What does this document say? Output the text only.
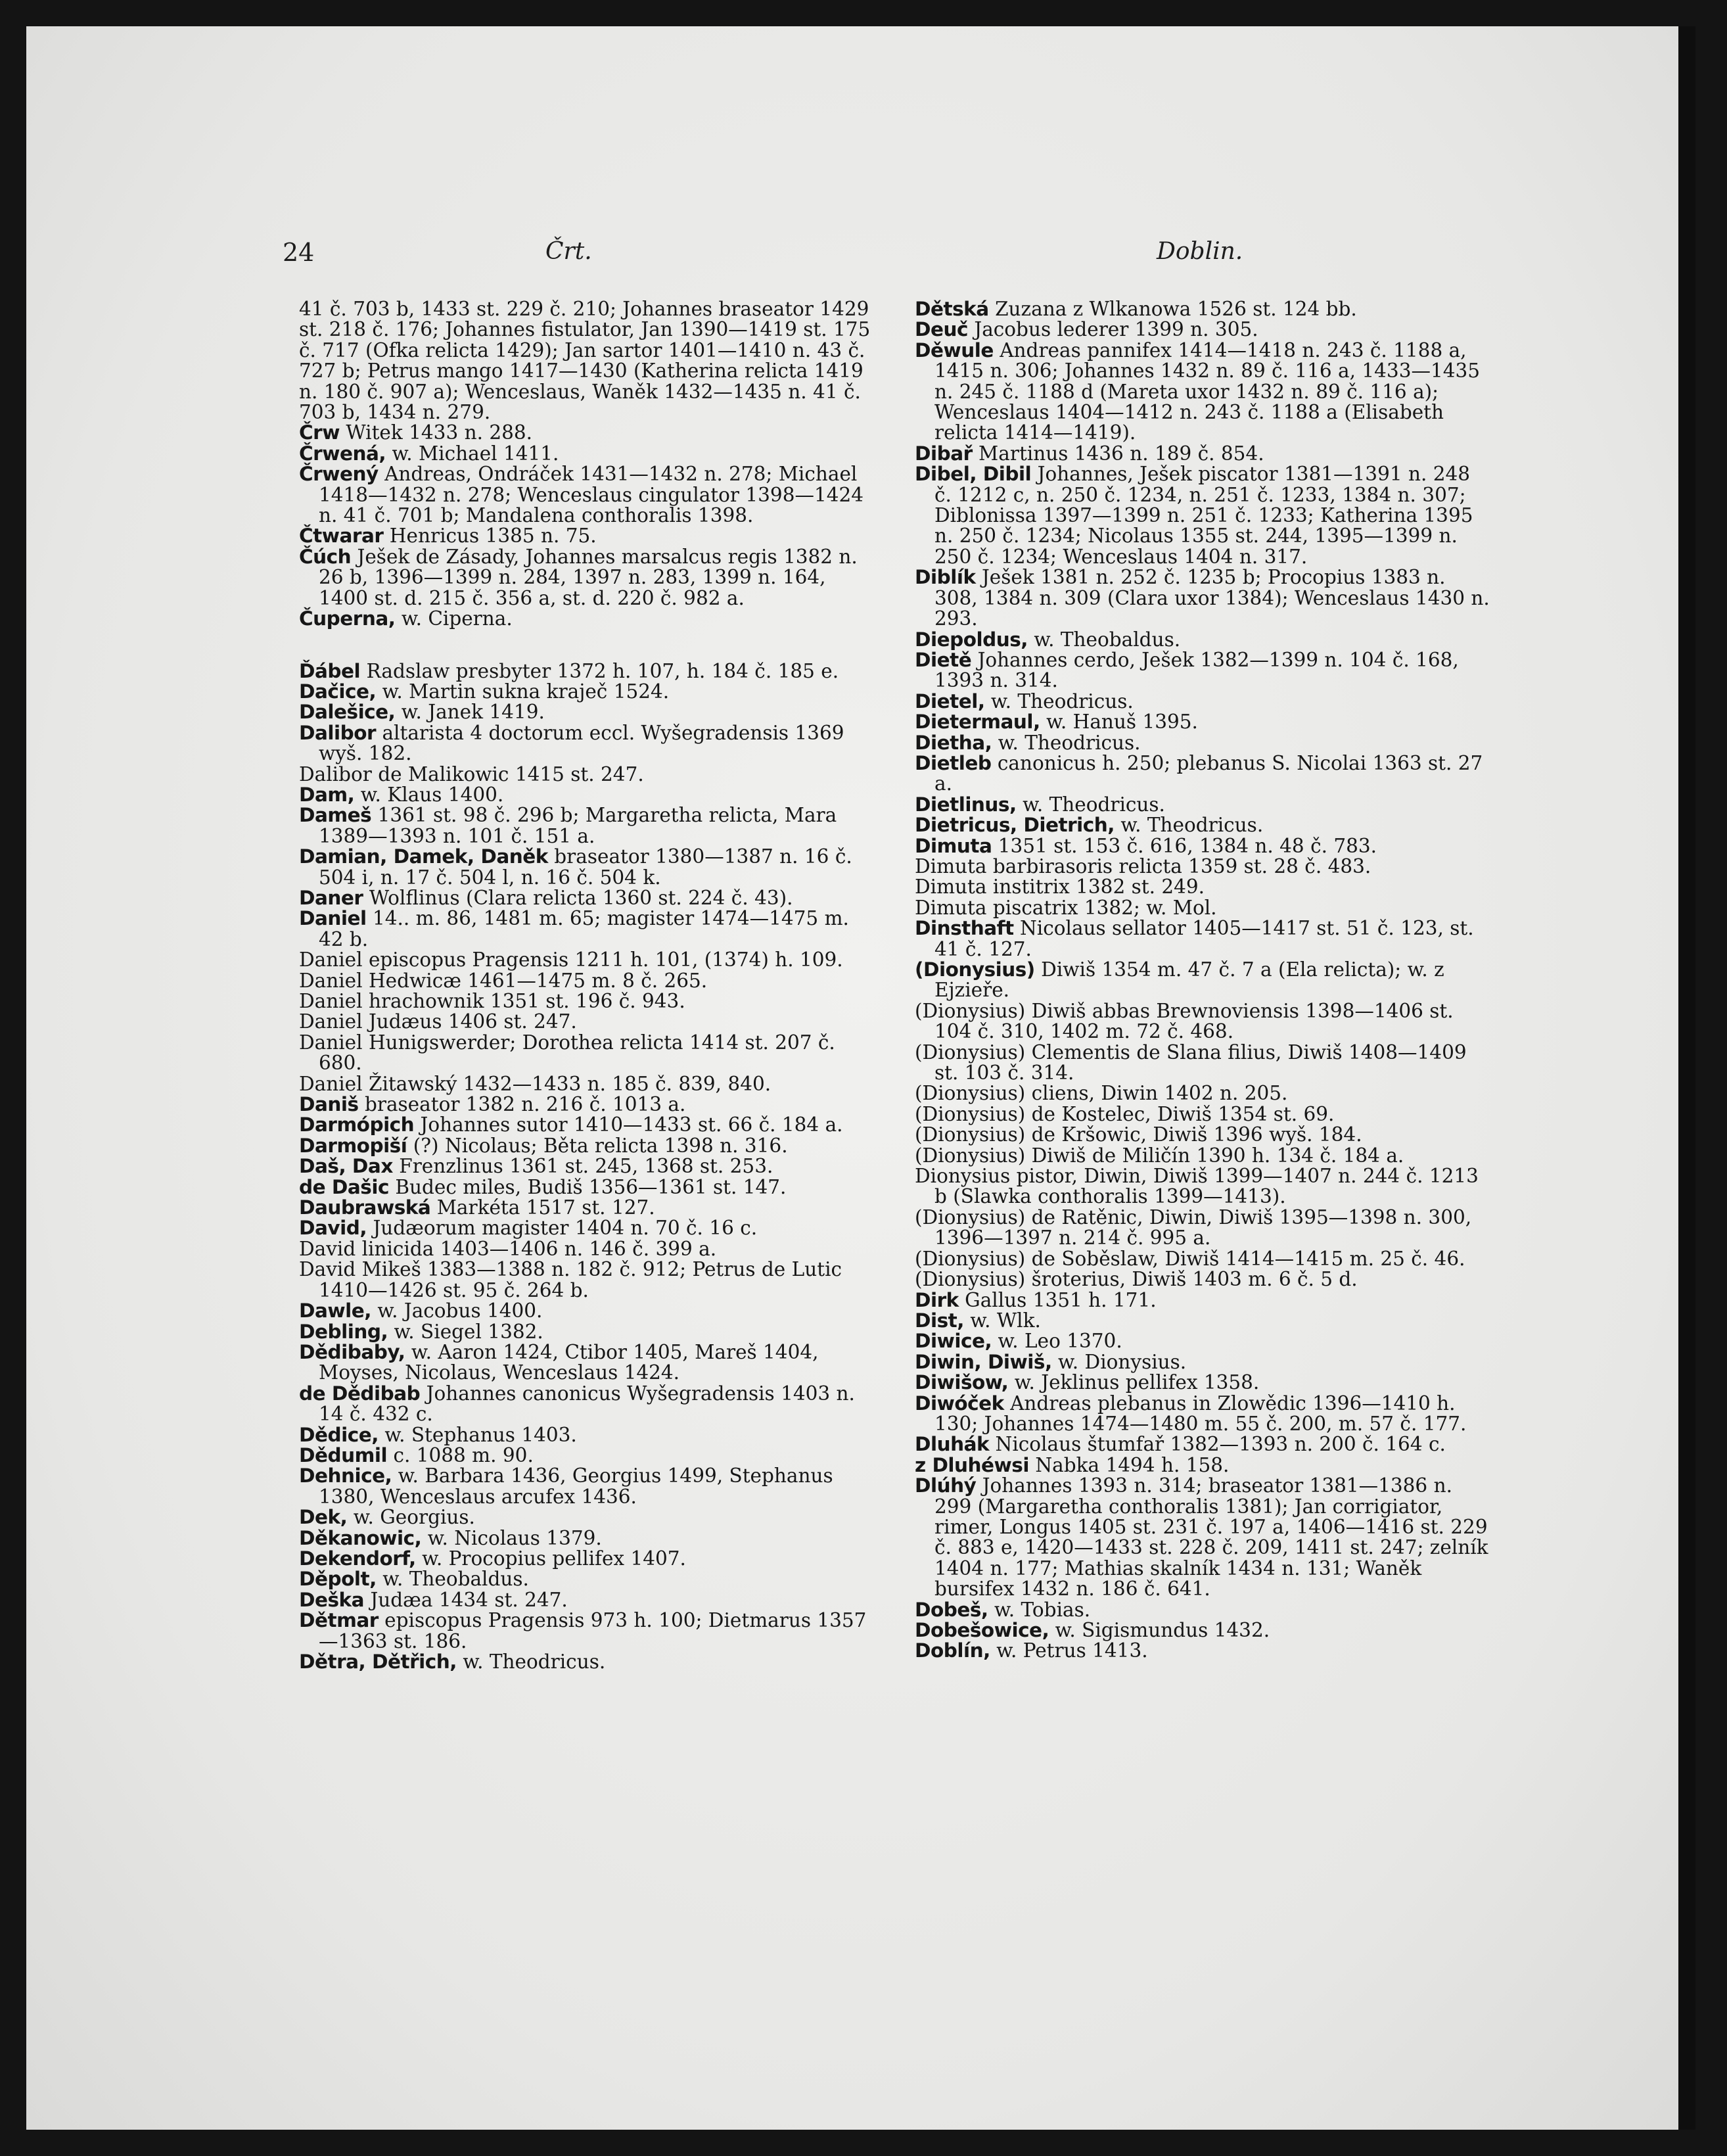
24	Črt.	Doblin.

41 č. 703 b, 1433 st. 229 č. 210; Johannes braseator 1429 st. 218 č. 176; Johannes fistulator, Jan 1390—1419 st. 175 č. 717 (Ofka relicta 1429); Jan sartor 1401—1410 n. 43 č. 727 b; Petrus mango 1417—1430 (Katherina relicta 1419 n. 180 č. 907 a); Wenceslaus, Waněk 1432—1435 n. 41 č. 703 b, 1434 n. 279.

Črw Witek 1433 n. 288.

Črwená, w. Michael 1411.

Črwený Andreas, Ondráček 1431—1432 n. 278; Michael 1418—1432 n. 278; Wenceslaus cingulator 1398—1424 n. 41 č. 701 b; Mandalena conthoralis 1398.

Čtwarar Henricus 1385 n. 75.

Čúch Ješek de Zásady, Johannes marsalcus regis 1382 n. 26 b, 1396—1399 n. 284, 1397 n. 283, 1399 n. 164, 1400 st. d. 215 č. 356 a, st. d. 220 č. 982 a.

Čuperna, w. Ciperna.

Ďábel Radslaw presbyter 1372 h. 107, h. 184 č. 185 e.

Dačice, w. Martin sukna kraječ 1524.

Dalešice, w. Janek 1419.

Dalibor altarista 4 doctorum eccl. Wyšegradensis 1369 wyš. 182.

Dalibor de Malikowic 1415 st. 247.

Dam, w. Klaus 1400.

Dameš 1361 st. 98 č. 296 b; Margaretha relicta, Mara 1389—1393 n. 101 č. 151 a.

Damian, Damek, Daněk braseator 1380—1387 n. 16 č. 504 i, n. 17 č. 504 l, n. 16 č. 504 k.

Daner Wolflinus (Clara relicta 1360 st. 224 č. 43).

Daniel 14.. m. 86, 1481 m. 65; magister 1474—1475 m. 42 b.

Daniel episcopus Pragensis 1211 h. 101, (1374) h. 109.

Daniel Hedwicæ 1461—1475 m. 8 č. 265.

Daniel hrachownik 1351 st. 196 č. 943.

Daniel Judæus 1406 st. 247.

Daniel Hunigswerder; Dorothea relicta 1414 st. 207 č. 680.

Daniel Žitawský 1432—1433 n. 185 č. 839, 840.

Daniš braseator 1382 n. 216 č. 1013 a.

Darmópich Johannes sutor 1410—1433 st. 66 č. 184 a.

Darmopiší (?) Nicolaus; Běta relicta 1398 n. 316.

Daš, Dax Frenzlinus 1361 st. 245, 1368 st. 253.

de Dašic Budec miles, Budiš 1356—1361 st. 147.

Daubrawská Markéta 1517 st. 127.

David, Judæorum magister 1404 n. 70 č. 16 c.

David linicida 1403—1406 n. 146 č. 399 a.

David Mikeš 1383—1388 n. 182 č. 912; Petrus de Lutic 1410—1426 st. 95 č. 264 b.

Dawle, w. Jacobus 1400.

Debling, w. Siegel 1382.

Dědibaby, w. Aaron 1424, Ctibor 1405, Mareš 1404, Moyses, Nicolaus, Wenceslaus 1424.

de Dědibab Johannes canonicus Wyšegradensis 1403 n. 14 č. 432 c.

Dědice, w. Stephanus 1403.

Dědumil c. 1088 m. 90.

Dehnice, w. Barbara 1436, Georgius 1499, Stephanus 1380, Wenceslaus arcufex 1436.

Dek, w. Georgius.

Děkanowic, w. Nicolaus 1379.

Dekendorf, w. Procopius pellifex 1407.

Děpolt, w. Theobaldus.

Deška Judæa 1434 st. 247.

Dětmar episcopus Pragensis 973 h. 100; Dietmarus 1357—1363 st. 186.

Dětra, Dětřich, w. Theodricus.

Dětská Zuzana z Wlkanowa 1526 st. 124 bb.

Deuč Jacobus lederer 1399 n. 305.

Děwule Andreas pannifex 1414—1418 n. 243 č. 1188 a, 1415 n. 306; Johannes 1432 n. 89 č. 116 a, 1433—1435 n. 245 č. 1188 d (Mareta uxor 1432 n. 89 č. 116 a); Wenceslaus 1404—1412 n. 243 č. 1188 a (Elisabeth relicta 1414—1419).

Dibař Martinus 1436 n. 189 č. 854.

Dibel, Dibil Johannes, Ješek piscator 1381—1391 n. 248 č. 1212 c, n. 250 č. 1234, n. 251 č. 1233, 1384 n. 307; Diblonissa 1397—1399 n. 251 č. 1233; Katherina 1395 n. 250 č. 1234; Nicolaus 1355 st. 244, 1395—1399 n. 250 č. 1234; Wenceslaus 1404 n. 317.

Diblík Ješek 1381 n. 252 č. 1235 b; Procopius 1383 n. 308, 1384 n. 309 (Clara uxor 1384); Wenceslaus 1430 n. 293.

Diepoldus, w. Theobaldus.

Dietě Johannes cerdo, Ješek 1382—1399 n. 104 č. 168, 1393 n. 314.

Dietel, w. Theodricus.

Dietermaul, w. Hanuš 1395.

Dietha, w. Theodricus.

Dietleb canonicus h. 250; plebanus S. Nicolai 1363 st. 27 a.

Dietlinus, w. Theodricus.

Dietricus, Dietrich, w. Theodricus.

Dimuta 1351 st. 153 č. 616, 1384 n. 48 č. 783.

Dimuta barbirasoris relicta 1359 st. 28 č. 483.

Dimuta institrix 1382 st. 249.

Dimuta piscatrix 1382; w. Mol.

Dinsthaft Nicolaus sellator 1405—1417 st. 51 č. 123, st. 41 č. 127.

(Dionysius) Diwiš 1354 m. 47 č. 7 a (Ela relicta); w. z Ejzieře.

(Dionysius) Diwiš abbas Brewnoviensis 1398—1406 st. 104 č. 310, 1402 m. 72 č. 468.

(Dionysius) Clementis de Slana filius, Diwiš 1408—1409 st. 103 č. 314.

(Dionysius) cliens, Diwin 1402 n. 205.

(Dionysius) de Kostelec, Diwiš 1354 st. 69.

(Dionysius) de Kršowic, Diwiš 1396 wyš. 184.

(Dionysius) Diwiš de Miličín 1390 h. 134 č. 184 a.

Dionysius pistor, Diwin, Diwiš 1399—1407 n. 244 č. 1213 b (Slawka conthoralis 1399—1413).

(Dionysius) de Ratěnic, Diwin, Diwiš 1395—1398 n. 300, 1396—1397 n. 214 č. 995 a.

(Dionysius) de Soběslaw, Diwiš 1414—1415 m. 25 č. 46.

(Dionysius) šroterius, Diwiš 1403 m. 6 č. 5 d.

Dirk Gallus 1351 h. 171.

Dist, w. Wlk.

Diwice, w. Leo 1370.

Diwin, Diwiš, w. Dionysius.

Diwišow, w. Jeklinus pellifex 1358.

Diwóček Andreas plebanus in Zlowědic 1396—1410 h. 130; Johannes 1474—1480 m. 55 č. 200, m. 57 č. 177.

Dluhák Nicolaus štumfař 1382—1393 n. 200 č. 164 c.

z Dluhéwsi Nabka 1494 h. 158.

Dlúhý Johannes 1393 n. 314; braseator 1381—1386 n. 299 (Margaretha conthoralis 1381); Jan corrigiator, rimer, Longus 1405 st. 231 č. 197 a, 1406—1416 st. 229 č. 883 e, 1420—1433 st. 228 č. 209, 1411 st. 247; zelník 1404 n. 177; Mathias skalník 1434 n. 131; Waněk bursifex 1432 n. 186 č. 641.

Dobeš, w. Tobias.

Dobešowice, w. Sigismundus 1432.

Doblín, w. Petrus 1413.
